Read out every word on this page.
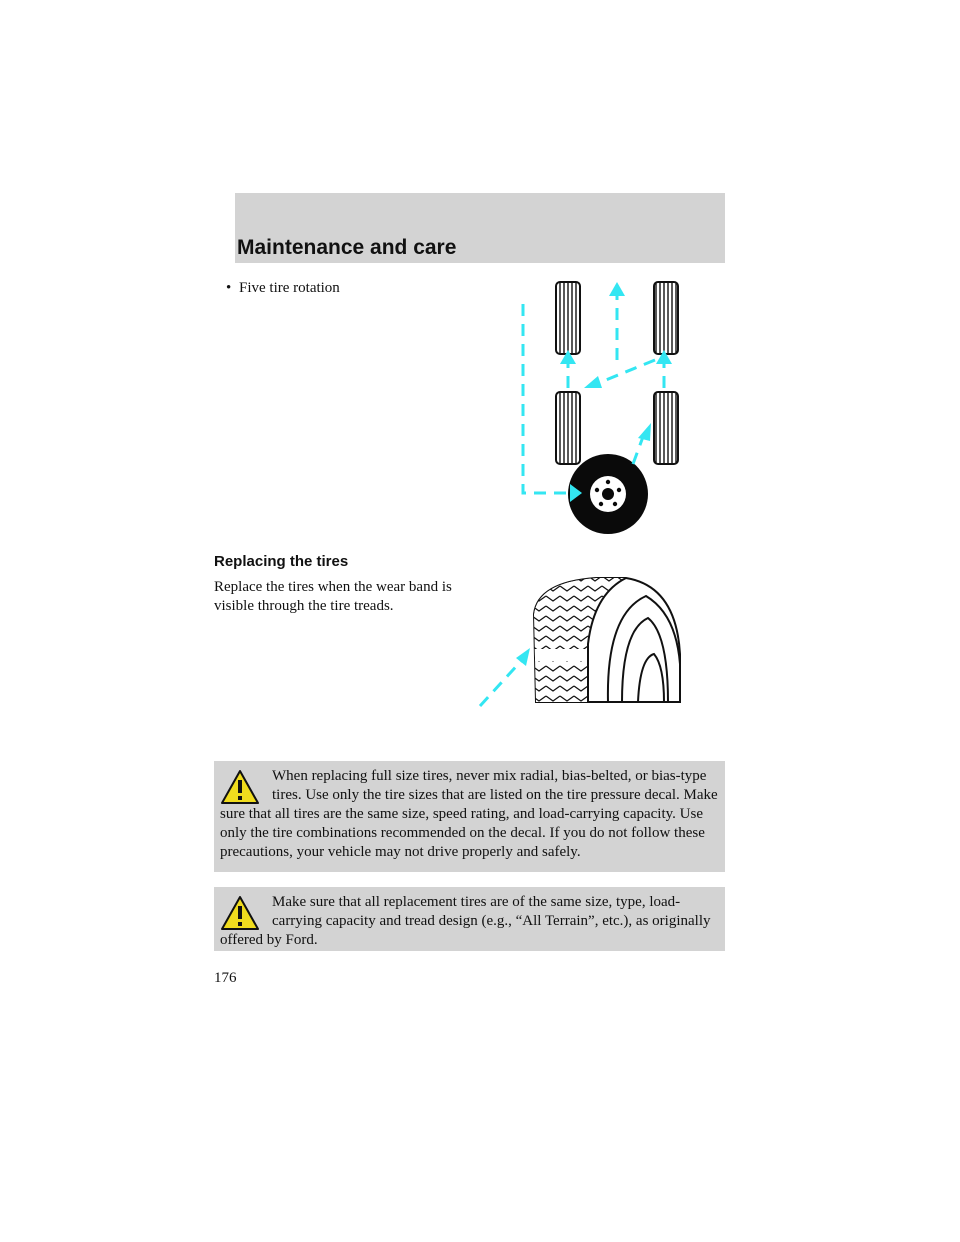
Maintenance and care
• Five tire rotation
Replacing the tires
Replace the tires when the wear band is visible through the tire treads.
When replacing full size tires, never mix radial, bias-belted, or bias-type tires. Use only the tire sizes that are listed on the tire pressure decal. Make sure that all tires are the same size, speed rating, and load-carrying capacity. Use only the tire combinations recommended on the decal. If you do not follow these precautions, your vehicle may not drive properly and safely.
Make sure that all replacement tires are of the same size, type, load-carrying capacity and tread design (e.g., “All Terrain”, etc.), as originally offered by Ford.
176
